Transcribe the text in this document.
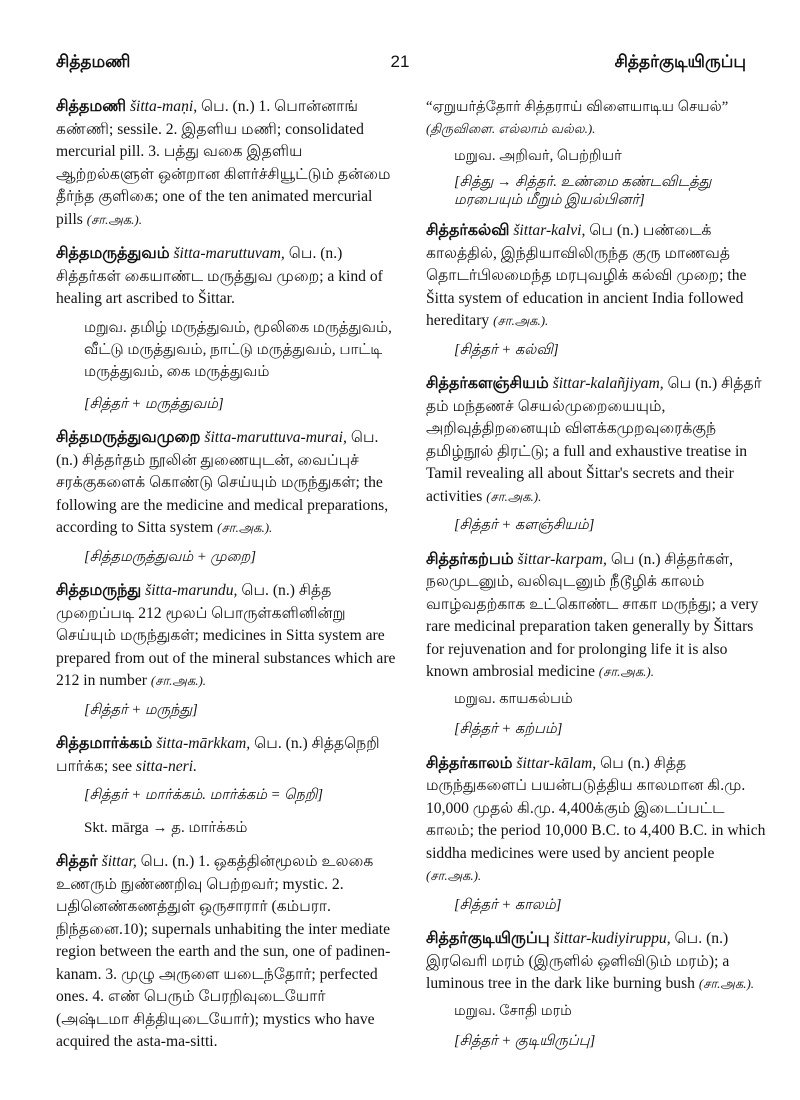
சித்தமணி	21	சித்தர்குடியிருப்பு
சித்தமணி šitta-maṇi, பெ. (n.) 1. பொன்னாங் கண்ணி; sessile. 2. இதளிய மணி; consolidated mercurial pill. 3. பத்து வகை இதளிய ஆற்றல்களுள் ஒன்றான கிளர்ச்சியூட்டும் தன்மை தீர்ந்த குளிகை; one of the ten animated mercurial pills (சா.அக.).
சித்தமருத்துவம் šitta-maruttuvam, பெ. (n.) சித்தர்கள் கையாண்ட மருத்துவ முறை; a kind of healing art ascribed to Šittar.
மறுவ. தமிழ் மருத்துவம், மூலிகை மருத்துவம், வீட்டு மருத்துவம், நாட்டு மருத்துவம், பாட்டி மருத்துவம், கை மருத்துவம்
[சித்தர் + மருத்துவம்]
சித்தமருத்துவமுறை šitta-maruttuva-murai, பெ. (n.) சித்தர்தம் நூலின் துணையுடன், வைப்புச் சரக்குகளைக் கொண்டு செய்யும் மருந்துகள்; the following are the medicine and medical preparations, according to Sitta system (சா.அக.).
[சித்தமருத்துவம் + முறை]
சித்தமருந்து šitta-marundu, பெ. (n.) சித்த முறைப்படி 212 மூலப் பொருள்களினின்று செய்யும் மருந்துகள்; medicines in Sitta system are prepared from out of the mineral substances which are 212 in number (சா.அக.).
[சித்தர் + மருந்து]
சித்தமார்க்கம் šitta-mārkkam, பெ. (n.) சித்தநெறி பார்க்க; see sitta-neri.
[சித்தர் + மார்க்கம். மார்க்கம் = நெறி]
Skt. mārga → த. மார்க்கம்
சித்தர் šittar, பெ. (n.) 1. ஒகத்தின்மூலம் உலகை உணரும் நுண்ணறிவு பெற்றவர்; mystic. 2. பதினெண்கணத்துள் ஒருசாரார் (கம்பரா. நிந்தனை.10); supernals unhabiting the inter mediate region between the earth and the sun, one of padinen-kanam. 3. முழு அருளை யடைந்தோர்; perfected ones. 4. எண் பெரும் பேரறிவுடையோர் (அஷ்டமா சித்தியுடையோர்); mystics who have acquired the asta-ma-sitti.
“ஏறுயர்த்தோர் சித்தராய் விளையாடிய செயல்”
(திருவிளை. எல்லாம் வல்ல.).
மறுவ. அறிவர், பெற்றியர்
[சித்து → சித்தர். உண்மை கண்டவிடத்து மரபையும் மீறும் இயல்பினர்]
சித்தர்கல்வி šittar-kalvi, பெ (n.) பண்டைக் காலத்தில், இந்தியாவிலிருந்த குரு மாணவத் தொடர்பிலமைந்த மரபுவழிக் கல்வி முறை; the Šitta system of education in ancient India followed hereditary (சா.அக.).
[சித்தர் + கல்வி]
சித்தர்களஞ்சியம் šittar-kalañjiyam, பெ (n.) சித்தர் தம் மந்தணச் செயல்முறையையும், அறிவுத்திறனையும் விளக்கமுறவுரைக்குந் தமிழ்நூல் திரட்டு; a full and exhaustive treatise in Tamil revealing all about Šittar's secrets and their activities (சா.அக.).
[சித்தர் + களஞ்சியம்]
சித்தர்கற்பம் šittar-karpam, பெ (n.) சித்தர்கள், நலமுடனும், வலிவுடனும் நீடூழிக் காலம் வாழ்வதற்காக உட்கொண்ட சாகா மருந்து; a very rare medicinal preparation taken generally by Šittars for rejuvenation and for prolonging life it is also known ambrosial medicine (சா.அக.).
மறுவ. காயகல்பம்
[சித்தர் + கற்பம்]
சித்தர்காலம் šittar-kālam, பெ (n.) சித்த மருந்துகளைப் பயன்படுத்திய காலமான கி.மு. 10,000 முதல் கி.மு. 4,400க்கும் இடைப்பட்ட காலம்; the period 10,000 B.C. to 4,400 B.C. in which siddha medicines were used by ancient people (சா.அக.).
[சித்தர் + காலம்]
சித்தர்குடியிருப்பு šittar-kudiyiruppu, பெ. (n.) இரவெரி மரம் (இருளில் ஒளிவிடும் மரம்); a luminous tree in the dark like burning bush (சா.அக.).
மறுவ. சோதி மரம்
[சித்தர் + குடியிருப்பு]
